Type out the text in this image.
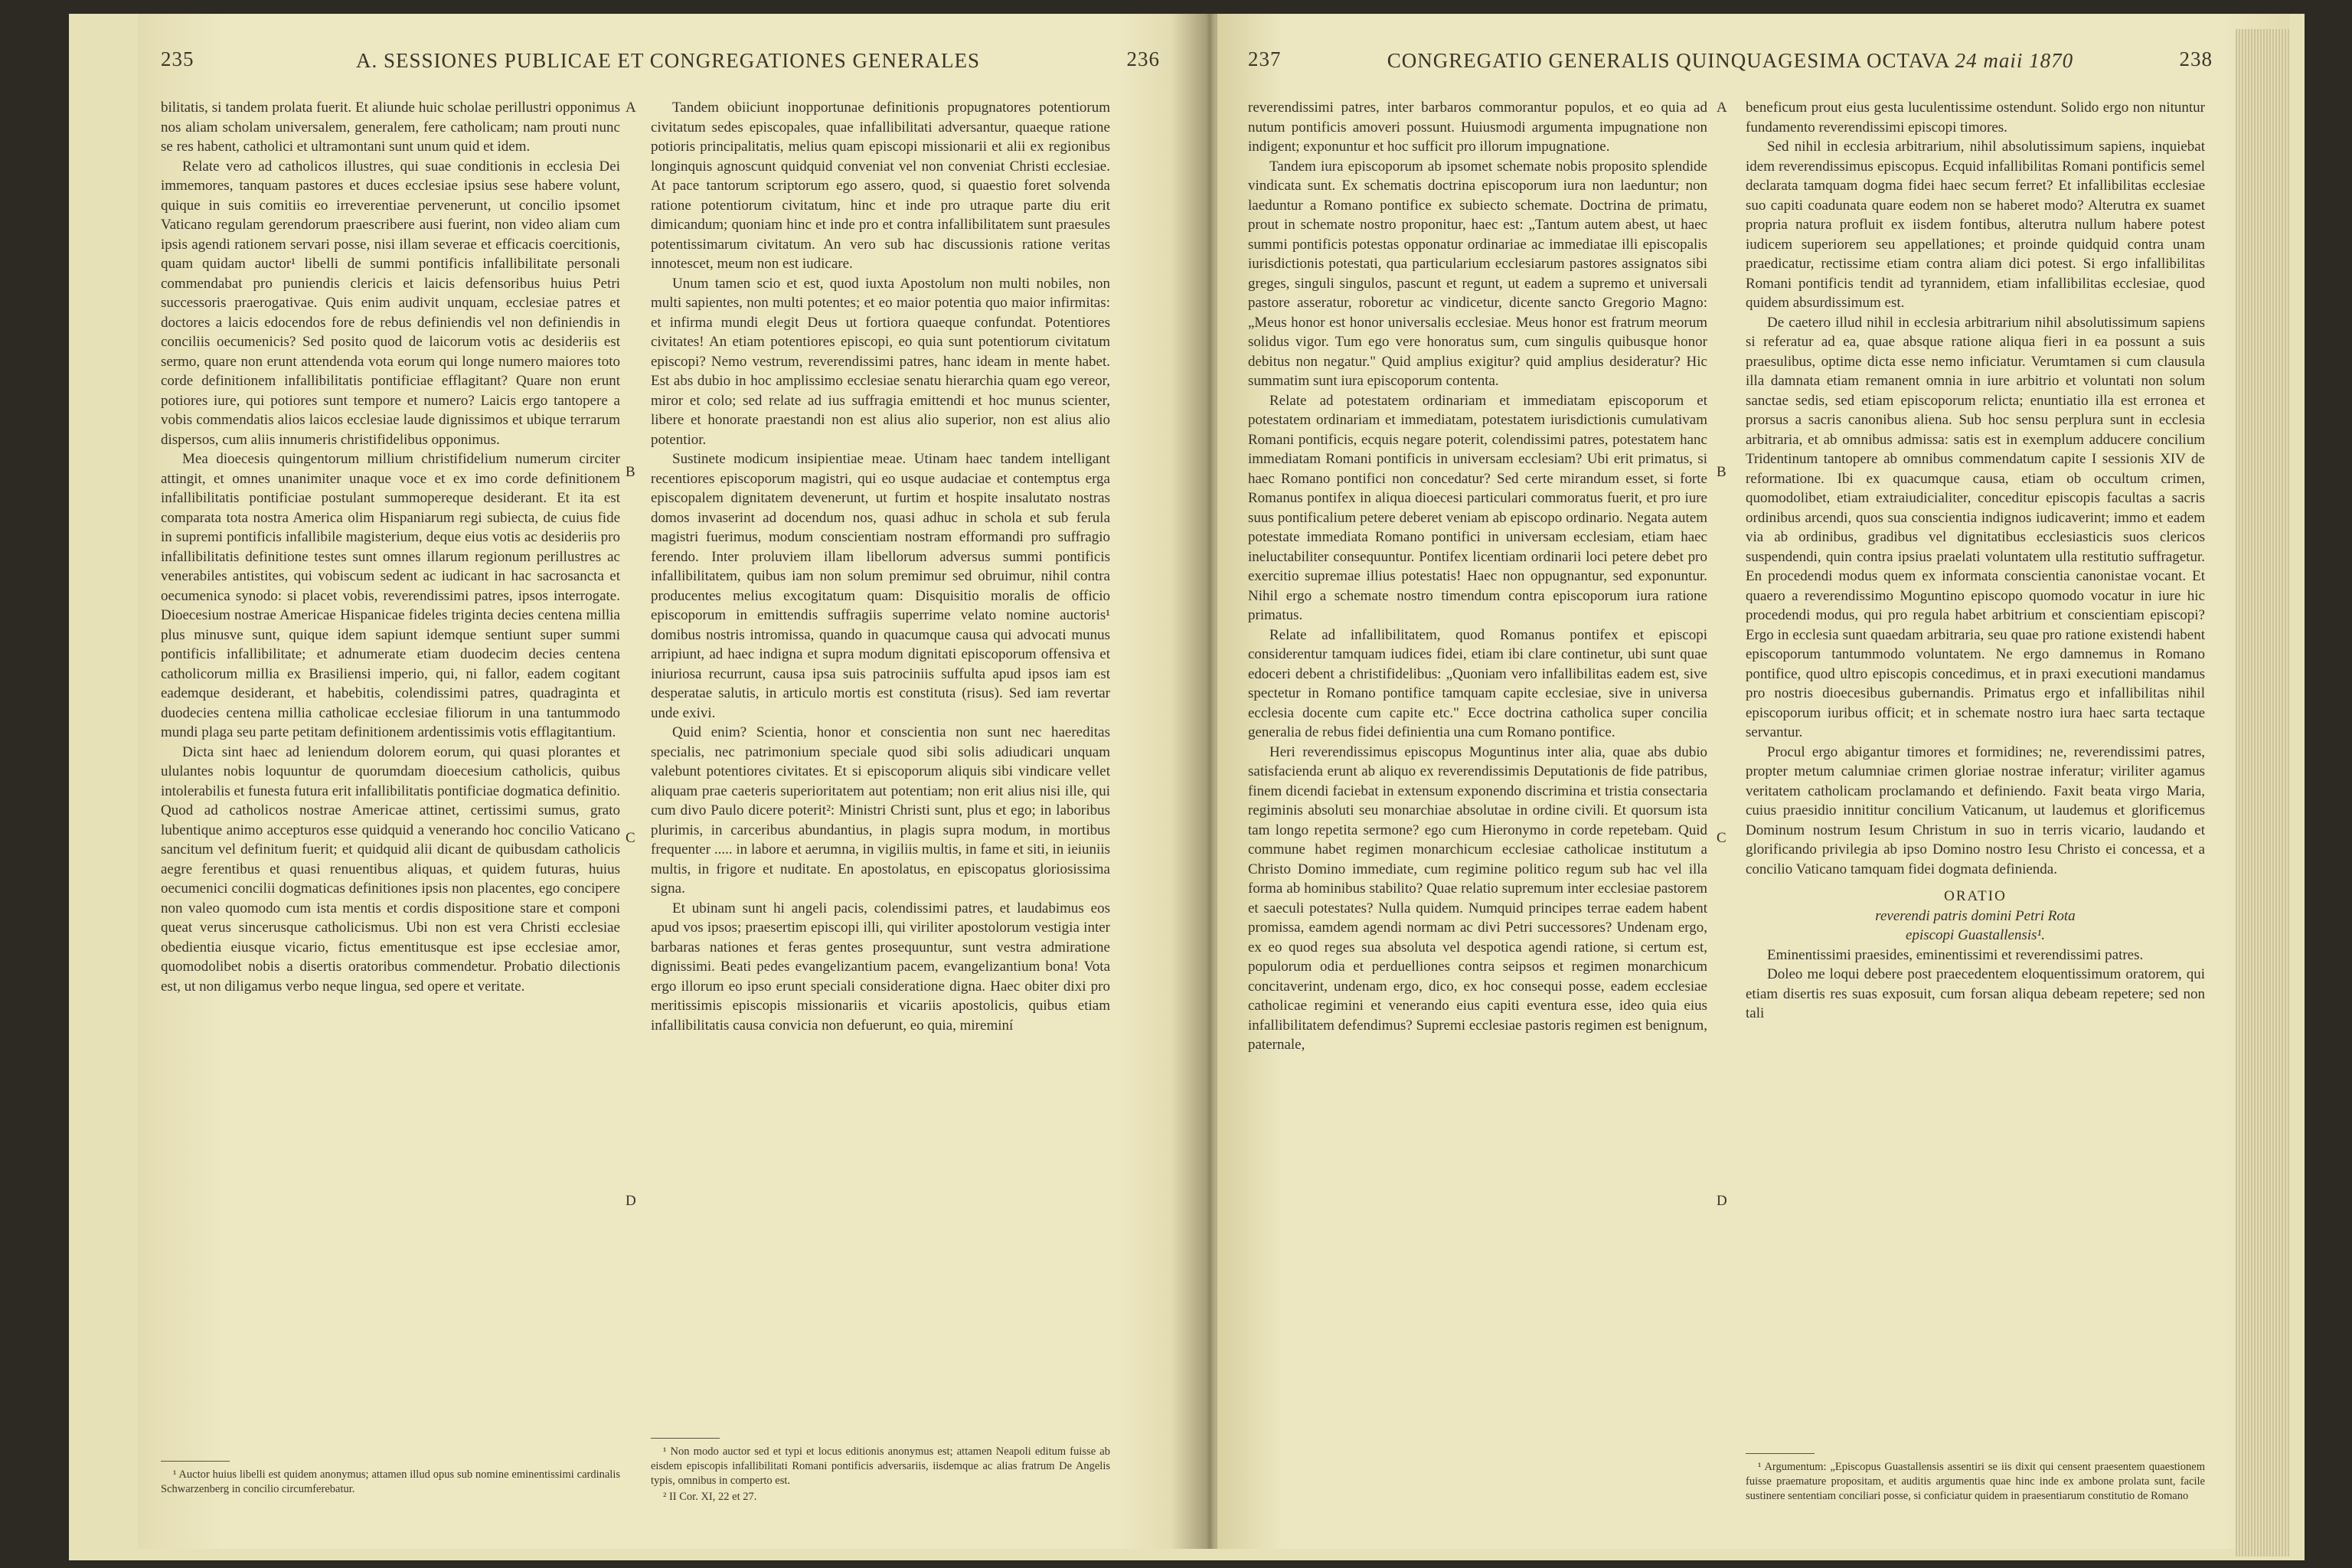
235	A. SESSIONES PUBLICAE ET CONGREGATIONES GENERALES	236

bilitatis, si tandem prolata fuerit. Et aliunde huic scholae perillustri opponimus nos aliam scholam universalem, generalem, fere catholicam; nam prouti nunc se res habent, catholici et ultramontani sunt unum quid et idem.

Relate vero ad catholicos illustres, qui suae conditionis in ecclesia Dei immemores, tanquam pastores et duces ecclesiae ipsius sese habere volunt, quique in suis comitiis eo irreverentiae pervenerunt, ut concilio ipsomet Vaticano regulam gerendorum praescribere ausi fuerint, non video aliam cum ipsis agendi rationem servari posse, nisi illam severae et efficacis coercitionis, quam quidam auctor¹ libelli de summi pontificis infallibilitate personali commendabat pro puniendis clericis et laicis defensoribus huius Petri successoris praerogativae. Quis enim audivit unquam, ecclesiae patres et doctores a laicis edocendos fore de rebus definiendis vel non definiendis in conciliis oecumenicis? Sed posito quod de laicorum votis ac desideriis est sermo, quare non erunt attendenda vota eorum qui longe numero maiores toto corde definitionem infallibilitatis pontificiae efflagitant? Quare non erunt potiores iure, qui potiores sunt tempore et numero? Laicis ergo tantopere a vobis commendatis alios laicos ecclesiae laude dignissimos et ubique terrarum dispersos, cum aliis innumeris christifidelibus opponimus.

Mea dioecesis quingentorum millium christifidelium numerum circiter attingit, et omnes unanimiter unaque voce et ex imo corde definitionem infallibilitatis pontificiae postulant summopereque desiderant. Et ita est comparata tota nostra America olim Hispaniarum regi subiecta, de cuius fide in supremi pontificis infallibile magisterium, deque eius votis ac desideriis pro infallibilitatis definitione testes sunt omnes illarum regionum perillustres ac venerabiles antistites, qui vobiscum sedent ac iudicant in hac sacrosancta et oecumenica synodo: si placet vobis, reverendissimi patres, ipsos interrogate. Dioecesium nostrae Americae Hispanicae fideles triginta decies centena millia plus minusve sunt, quique idem sapiunt idemque sentiunt super summi pontificis infallibilitate; et adnumerate etiam duodecim decies centena catholicorum millia ex Brasiliensi imperio, qui, ni fallor, eadem cogitant eademque desiderant, et habebitis, colendissimi patres, quadraginta et duodecies centena millia catholicae ecclesiae filiorum in una tantummodo mundi plaga seu parte petitam definitionem ardentissimis votis efflagitantium.

Dicta sint haec ad leniendum dolorem eorum, qui quasi plorantes et ululantes nobis loquuntur de quorumdam dioecesium catholicis, quibus intolerabilis et funesta futura erit infallibilitatis pontificiae dogmatica definitio. Quod ad catholicos nostrae Americae attinet, certissimi sumus, grato lubentique animo accepturos esse quidquid a venerando hoc concilio Vaticano sancitum vel definitum fuerit; et quidquid alii dicant de quibusdam catholicis aegre ferentibus et quasi renuentibus aliquas, et quidem futuras, huius oecumenici concilii dogmaticas definitiones ipsis non placentes, ego concipere non valeo quomodo cum ista mentis et cordis dispositione stare et componi queat verus sincerusque catholicismus. Ubi non est vera Christi ecclesiae obedientia eiusque vicario, fictus ementitusque est ipse ecclesiae amor, quomodolibet nobis a disertis oratoribus commendetur. Probatio dilectionis est, ut non diligamus verbo neque lingua, sed opere et veritate.

Tandem obiiciunt inopportunae definitionis propugnatores potentiorum civitatum sedes episcopales, quae infallibilitati adversantur, quaeque ratione potioris principalitatis, melius quam episcopi missionarii et alii ex regionibus longinquis agnoscunt quidquid conveniat vel non conveniat Christi ecclesiae. At pace tantorum scriptorum ego assero, quod, si quaestio foret solvenda ratione potentiorum civitatum, hinc et inde pro utraque parte diu erit dimicandum; quoniam hinc et inde pro et contra infallibilitatem sunt praesules potentissimarum civitatum. An vero sub hac discussionis ratione veritas innotescet, meum non est iudicare.

Unum tamen scio et est, quod iuxta Apostolum non multi nobiles, non multi sapientes, non multi potentes; et eo maior potentia quo maior infirmitas: et infirma mundi elegit Deus ut fortiora quaeque confundat. Potentiores civitates! An etiam potentiores episcopi, eo quia sunt potentiorum civitatum episcopi? Nemo vestrum, reverendissimi patres, hanc ideam in mente habet. Est abs dubio in hoc amplissimo ecclesiae senatu hierarchia quam ego vereor, miror et colo; sed relate ad ius suffragia emittendi et hoc munus scienter, libere et honorate praestandi non est alius alio superior, non est alius alio potentior.

Sustinete modicum insipientiae meae. Utinam haec tandem intelligant recentiores episcoporum magistri, qui eo usque audaciae et contemptus erga episcopalem dignitatem devenerunt, ut furtim et hospite insalutato nostras domos invaserint ad docendum nos, quasi adhuc in schola et sub ferula magistri fuerimus, modum conscientiam nostram efformandi pro suffragio ferendo. Inter proluviem illam libellorum adversus summi pontificis infallibilitatem, quibus iam non solum premimur sed obruimur, nihil contra producentes melius excogitatum quam: Disquisitio moralis de officio episcoporum in emittendis suffragiis superrime velato nomine auctoris¹ domibus nostris intromissa, quando in quacumque causa qui advocati munus arripiunt, ad haec indigna et supra modum dignitati episcoporum offensiva et iniuriosa recurrunt, causa ipsa suis patrociniis suffulta apud ipsos iam est desperatae salutis, in articulo mortis est constituta (risus). Sed iam revertar unde exivi.

Quid enim? Scientia, honor et conscientia non sunt nec haereditas specialis, nec patrimonium speciale quod sibi solis adiudicari unquam valebunt potentiores civitates. Et si episcoporum aliquis sibi vindicare vellet aliquam prae caeteris superioritatem aut potentiam; non erit alius nisi ille, qui cum divo Paulo dicere poterit²: Ministri Christi sunt, plus et ego; in laboribus plurimis, in carceribus abundantius, in plagis supra modum, in mortibus frequenter ..... in labore et aerumna, in vigiliis multis, in fame et siti, in ieiuniis multis, in frigore et nuditate. En apostolatus, en episcopatus gloriosissima signa.

Et ubinam sunt hi angeli pacis, colendissimi patres, et laudabimus eos apud vos ipsos; praesertim episcopi illi, qui viriliter apostolorum vestigia inter barbaras nationes et feras gentes prosequuntur, sunt vestra admiratione dignissimi. Beati pedes evangelizantium pacem, evangelizantium bona! Vota ergo illorum eo ipso erunt speciali consideratione digna. Haec obiter dixi pro meritissimis episcopis missionariis et vicariis apostolicis, quibus etiam infallibilitatis causa convicia non defuerunt, eo quia, mireminí

A
B
C
D

¹ Auctor huius libelli est quidem anonymus; attamen illud opus sub nomine eminentissimi cardinalis Schwarzenberg in concilio circumferebatur.

¹ Non modo auctor sed et typi et locus editionis anonymus est; attamen Neapoli editum fuisse ab eisdem episcopis infallibilitati Romani pontificis adversariis, iisdemque ac alias fratrum De Angelis typis, omnibus in comperto est.

² II Cor. XI, 22 et 27.

237	CONGREGATIO GENERALIS QUINQUAGESIMA OCTAVA 24 maii 1870	238

reverendissimi patres, inter barbaros commorantur populos, et eo quia ad nutum pontificis amoveri possunt. Huiusmodi argumenta impugnatione non indigent; exponuntur et hoc sufficit pro illorum impugnatione.

Tandem iura episcoporum ab ipsomet schemate nobis proposito splendide vindicata sunt. Ex schematis doctrina episcoporum iura non laeduntur; non laeduntur a Romano pontifice ex subiecto schemate. Doctrina de primatu, prout in schemate nostro proponitur, haec est: „Tantum autem abest, ut haec summi pontificis potestas opponatur ordinariae ac immediatae illi episcopalis iurisdictionis potestati, qua particularium ecclesiarum pastores assignatos sibi greges, singuli singulos, pascunt et regunt, ut eadem a supremo et universali pastore asseratur, roboretur ac vindicetur, dicente sancto Gregorio Magno: „Meus honor est honor universalis ecclesiae. Meus honor est fratrum meorum solidus vigor. Tum ego vere honoratus sum, cum singulis quibusque honor debitus non negatur." Quid amplius exigitur? quid amplius desideratur? Hic summatim sunt iura episcoporum contenta.

Relate ad potestatem ordinariam et immediatam episcoporum et potestatem ordinariam et immediatam, potestatem iurisdictionis cumulativam Romani pontificis, ecquis negare poterit, colendissimi patres, potestatem hanc immediatam Romani pontificis in universam ecclesiam? Ubi erit primatus, si haec Romano pontifici non concedatur? Sed certe mirandum esset, si forte Romanus pontifex in aliqua dioecesi particulari commoratus fuerit, et pro iure suus pontificalium petere deberet veniam ab episcopo ordinario. Negata autem potestate immediata Romano pontifici in universam ecclesiam, etiam haec ineluctabiliter consequuntur. Pontifex licentiam ordinarii loci petere debet pro exercitio supremae illius potestatis! Haec non oppugnantur, sed exponuntur. Nihil ergo a schemate nostro timendum contra episcoporum iura ratione primatus.

Relate ad infallibilitatem, quod Romanus pontifex et episcopi considerentur tamquam iudices fidei, etiam ibi clare continetur, ubi sunt quae edoceri debent a christifidelibus: „Quoniam vero infallibilitas eadem est, sive spectetur in Romano pontifice tamquam capite ecclesiae, sive in universa ecclesia docente cum capite etc." Ecce doctrina catholica super concilia generalia de rebus fidei definientia una cum Romano pontifice.

Heri reverendissimus episcopus Moguntinus inter alia, quae abs dubio satisfacienda erunt ab aliquo ex reverendissimis Deputationis de fide patribus, finem dicendi faciebat in extensum exponendo discrimina et tristia consectaria regiminis absoluti seu monarchiae absolutae in ordine civili. Et quorsum ista tam longo repetita sermone? ego cum Hieronymo in corde repetebam. Quid commune habet regimen monarchicum ecclesiae catholicae institutum a Christo Domino immediate, cum regimine politico regum sub hac vel illa forma ab hominibus stabilito? Quae relatio supremum inter ecclesiae pastorem et saeculi potestates? Nulla quidem. Numquid principes terrae eadem habent promissa, eamdem agendi normam ac divi Petri successores? Undenam ergo, ex eo quod reges sua absoluta vel despotica agendi ratione, si certum est, populorum odia et perduelliones contra seipsos et regimen monarchicum concitaverint, undenam ergo, dico, ex hoc consequi posse, eadem ecclesiae catholicae regimini et venerando eius capiti eventura esse, ideo quia eius infallibilitatem defendimus? Supremi ecclesiae pastoris regimen est benignum, paternale,

beneficum prout eius gesta luculentissime ostendunt. Solido ergo non nituntur fundamento reverendissimi episcopi timores.

Sed nihil in ecclesia arbitrarium, nihil absolutissimum sapiens, inquiebat idem reverendissimus episcopus. Ecquid infallibilitas Romani pontificis semel declarata tamquam dogma fidei haec secum ferret? Et infallibilitas ecclesiae suo capiti coadunata quare eodem non se haberet modo? Alterutra ex suamet propria natura profluit ex iisdem fontibus, alterutra nullum habere potest iudicem superiorem seu appellationes; et proinde quidquid contra unam praedicatur, rectissime etiam contra aliam dici potest. Si ergo infallibilitas Romani pontificis tendit ad tyrannidem, etiam infallibilitas ecclesiae, quod quidem absurdissimum est.

De caetero illud nihil in ecclesia arbitrarium nihil absolutissimum sapiens si referatur ad ea, quae absque ratione aliqua fieri in ea possunt a suis praesulibus, optime dicta esse nemo inficiatur. Verumtamen si cum clausula illa damnata etiam remanent omnia in iure arbitrio et voluntati non solum sanctae sedis, sed etiam episcoporum relicta; enuntiatio illa est erronea et prorsus a sacris canonibus aliena. Sub hoc sensu perplura sunt in ecclesia arbitraria, et ab omnibus admissa: satis est in exemplum adducere concilium Tridentinum tantopere ab omnibus commendatum capite I sessionis XIV de reformatione. Ibi ex quacumque causa, etiam ob occultum crimen, quomodolibet, etiam extraiudicialiter, conceditur episcopis facultas a sacris ordinibus arcendi, quos sua conscientia indignos iudicaverint; immo et eadem via ab ordinibus, gradibus vel dignitatibus ecclesiasticis suos clericos suspendendi, quin contra ipsius praelati voluntatem ulla restitutio suffragetur. En procedendi modus quem ex informata conscientia canonistae vocant. Et quaero a reverendissimo Moguntino episcopo quomodo vocatur in iure hic procedendi modus, qui pro regula habet arbitrium et conscientiam episcopi? Ergo in ecclesia sunt quaedam arbitraria, seu quae pro ratione existendi habent episcoporum tantummodo voluntatem. Ne ergo damnemus in Romano pontifice, quod ultro episcopis concedimus, et in praxi executioni mandamus pro nostris dioecesibus gubernandis. Primatus ergo et infallibilitas nihil episcoporum iuribus officit; et in schemate nostro iura haec sarta tectaque servantur.

Procul ergo abigantur timores et formidines; ne, reverendissimi patres, propter metum calumniae crimen gloriae nostrae inferatur; viriliter agamus veritatem catholicam proclamando et definiendo. Faxit beata virgo Maria, cuius praesidio innititur concilium Vaticanum, ut laudemus et glorificemus Dominum nostrum Iesum Christum in suo in terris vicario, laudando et glorificando privilegia ab ipso Domino nostro Iesu Christo ei concessa, et a concilio Vaticano tamquam fidei dogmata definienda.

ORATIO

reverendi patris domini Petri Rota

episcopi Guastallensis¹.

Eminentissimi praesides, eminentissimi et reverendissimi patres.

Doleo me loqui debere post praecedentem eloquentissimum oratorem, qui etiam disertis res suas exposuit, cum forsan aliqua debeam repetere; sed non tali

A
B
C
D

¹ Argumentum: „Episcopus Guastallensis assentiri se iis dixit qui censent praesentem quaestionem fuisse praemature propositam, et auditis argumentis quae hinc inde ex ambone prolata sunt, facile sustinere sententiam conciliari posse, si conficiatur quidem in praesentiarum constitutio de Romano
